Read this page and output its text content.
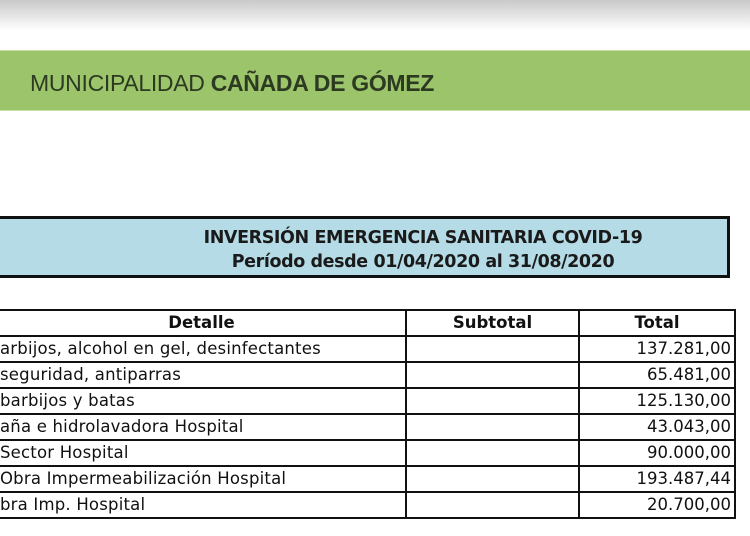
MUNICIPALIDAD CAÑADA DE GÓMEZ
INVERSIÓN EMERGENCIA SANITARIA COVID-19
Período desde 01/04/2020 al 31/08/2020
Detalle	Subtotal	Total
arbijos, alcohol en gel, desinfectantes		137.281,00
seguridad, antiparras		65.481,00
barbijos y batas		125.130,00
aña e hidrolavadora Hospital		43.043,00
Sector Hospital		90.000,00
Obra Impermeabilización Hospital		193.487,44
bra Imp. Hospital		20.700,00
